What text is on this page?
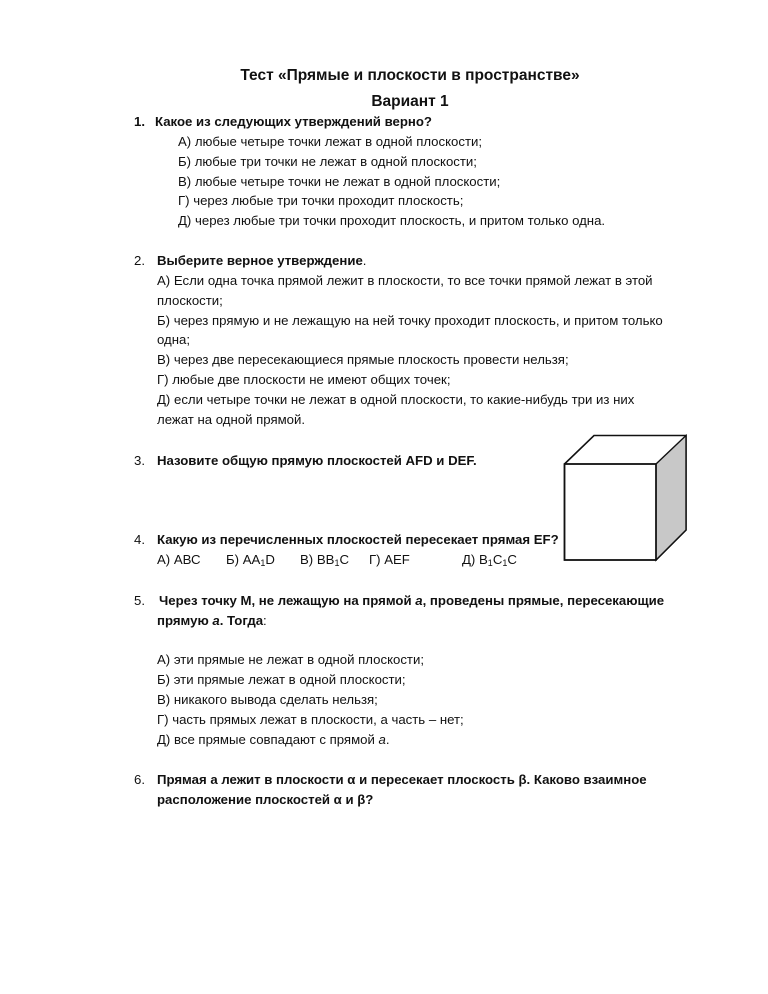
Тест «Прямые и плоскости в пространстве»
Вариант 1
1. Какое из следующих утверждений верно?
А) любые четыре точки лежат в одной плоскости;
Б) любые три точки не лежат в одной плоскости;
В) любые четыре точки не лежат в одной плоскости;
Г) через любые три точки проходит плоскость;
Д) через любые три точки проходит плоскость, и притом только одна.
2. Выберите верное утверждение.
А) Если одна точка прямой лежит в плоскости, то все точки прямой лежат в этой
плоскости;
Б) через прямую и не лежащую на ней точку проходит плоскость, и притом только
одна;
В) через две пересекающиеся прямые плоскость провести нельзя;
Г) любые две плоскости не имеют общих точек;
Д) если четыре точки не лежат в одной плоскости, то какие-нибудь три из них
лежат на одной прямой.
3. Назовите общую прямую плоскостей AFD и DEF.
4. Какую из перечисленных плоскостей пересекает прямая EF?
А) АВС Б) АА1D В) ВВ1С Г) АЕF	Д) В1С1С
5. Через точку М, не лежащую на прямой а, проведены прямые, пересекающие
прямую а. Тогда:
А) эти прямые не лежат в одной плоскости;
Б) эти прямые лежат в одной плоскости;
В) никакого вывода сделать нельзя;
Г) часть прямых лежат в плоскости, а часть – нет;
Д) все прямые совпадают с прямой а.
6. Прямая а лежит в плоскости α и пересекает плоскость β. Каково взаимное
расположение плоскостей α и β?
